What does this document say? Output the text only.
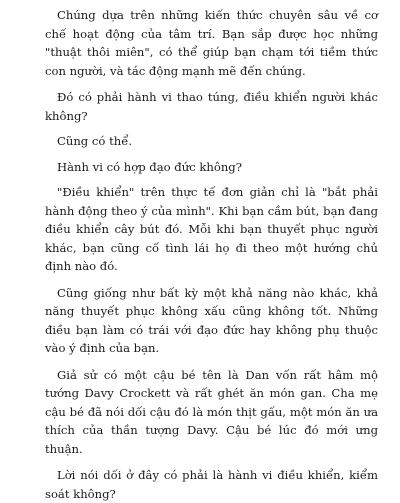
Chúng dựa trên những kiến thức chuyên sâu về cơ chế hoạt động của tâm trí. Bạn sắp được học những "thuật thôi miên", có thể giúp bạn chạm tới tiềm thức con người, và tác động mạnh mẽ đến chúng.

Đó có phải hành vi thao túng, điều khiển người khác không?

Cũng có thể.

Hành vi có hợp đạo đức không?

"Điều khiển" trên thực tế đơn giản chỉ là "bắt phải hành động theo ý của mình". Khi bạn cầm bút, bạn đang điều khiển cây bút đó. Mỗi khi bạn thuyết phục người khác, bạn cũng cố tình lái họ đi theo một hướng chủ định nào đó.

Cũng giống như bất kỳ một khả năng nào khác, khả năng thuyết phục không xấu cũng không tốt. Những điều bạn làm có trái với đạo đức hay không phụ thuộc vào ý định của bạn.

Giả sử có một cậu bé tên là Dan vốn rất hâm mộ tướng Davy Crockett và rất ghét ăn món gan. Cha mẹ cậu bé đã nói dối cậu đó là món thịt gấu, một món ăn ưa thích của thần tượng Davy. Cậu bé lúc đó mới ưng thuận.

Lời nói dối ở đây có phải là hành vi điều khiển, kiểm soát không?
